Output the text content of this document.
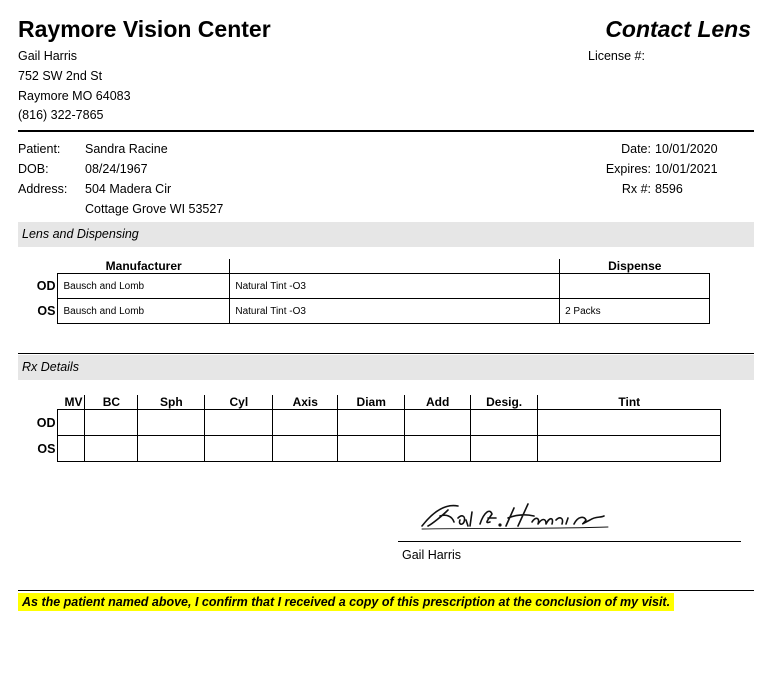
Raymore Vision Center	Contact Lens
Gail Harris
752 SW 2nd St
Raymore MO 64083
(816) 322-7865
License #:
Patient: Sandra Racine
DOB:	08/24/1967
Address: 504 Madera Cir
Cottage Grove WI 53527
Date: 10/01/2020
Expires: 10/01/2021
Rx #: 8596
Lens and Dispensing
	Manufacturer		Dispense
OD	Bausch and Lomb	Natural Tint -O3	
OS	Bausch and Lomb	Natural Tint -O3	2 Packs
Rx Details
	MV	BC	Sph	Cyl	Axis	Diam	Add	Desig.	Tint
OD									
OS									
Gail Harris
As the patient named above, I confirm that I received a copy of this prescription at the conclusion of my visit.
